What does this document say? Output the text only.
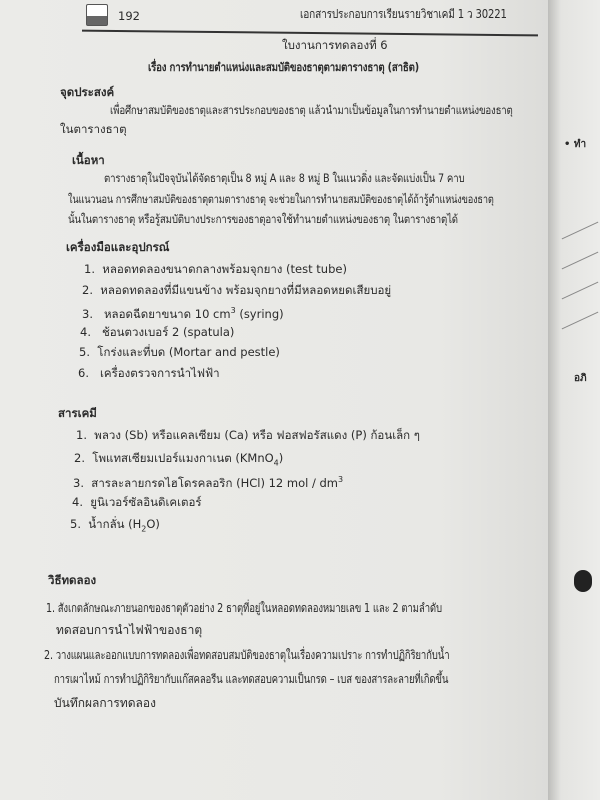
192	เอกสารประกอบการเรียนรายวิชาเคมี 1 ว 30221
ใบงานการทดลองที่ 6
เรื่อง การทำนายตำแหน่งและสมบัติของธาตุตามตารางธาตุ (สาธิต)
จุดประสงค์
เพื่อศึกษาสมบัติของธาตุและสารประกอบของธาตุ แล้วนำมาเป็นข้อมูลในการทำนายตำแหน่งของธาตุ
ในตารางธาตุ
เนื้อหา
ตารางธาตุในปัจจุบันได้จัดธาตุเป็น 8 หมู่ A และ 8 หมู่ B ในแนวดิ่ง และจัดแบ่งเป็น 7 คาบ
ในแนวนอน การศึกษาสมบัติของธาตุตามตารางธาตุ จะช่วยในการทำนายสมบัติของธาตุได้ถ้ารู้ตำแหน่งของธาตุ
นั้นในตารางธาตุ หรือรู้สมบัติบางประการของธาตุอาจใช้ทำนายตำแหน่งของธาตุ ในตารางธาตุได้
เครื่องมือและอุปกรณ์
1. หลอดทดลองขนาดกลางพร้อมจุกยาง (test tube)
2. หลอดทดลองที่มีแขนข้าง พร้อมจุกยางที่มีหลอดหยดเสียบอยู่
3. หลอดฉีดยาขนาด 10 $cm^3$ (syring)
4. ช้อนตวงเบอร์ 2 (spatula)
5. โกร่งและที่บด (Mortar and pestle)
6. เครื่องตรวจการนำไฟฟ้า
สารเคมี
1. พลวง (Sb) หรือแคลเซียม (Ca) หรือ ฟอสฟอรัสแดง (P) ก้อนเล็ก ๆ
2. โพแทสเซียมเปอร์แมงกาเนต (KMnO$_4$)
3. สารละลายกรดไฮโดรคลอริก (HCl) 12 mol / $dm^3$
4. ยูนิเวอร์ซัลอินดิเคเตอร์
5. น้ำกลั่น $(H_2O)$
วิธีทดลอง
1. สังเกตลักษณะภายนอกของธาตุตัวอย่าง 2 ธาตุที่อยู่ในหลอดทดลองหมายเลข 1 และ 2 ตามลำดับ
ทดสอบการนำไฟฟ้าของธาตุ
2. วางแผนและออกแบบการทดลองเพื่อทดสอบสมบัติของธาตุในเรื่องความเปราะ การทำปฏิกิริยากับน้ำ
การเผาไหม้ การทำปฏิกิริยากับแก๊สคลอรีน และทดสอบความเป็นกรด – เบส ของสารละลายที่เกิดขึ้น
บันทึกผลการทดลอง
• ทำ
อภิ
